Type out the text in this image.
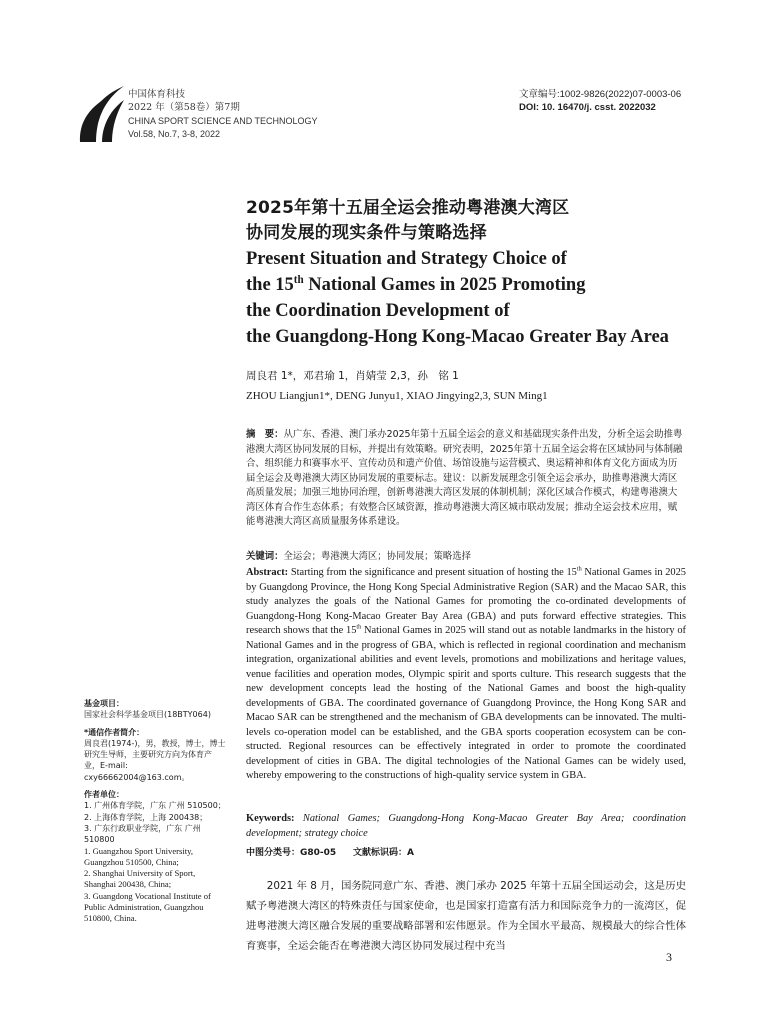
中国体育科技
2022 年（第58卷）第7期
CHINA SPORT SCIENCE AND TECHNOLOGY
Vol.58, No.7, 3-8, 2022
文章编号:1002-9826(2022)07-0003-06
DOI: 10. 16470/j. csst. 2022032
2025年第十五届全运会推动粤港澳大湾区
协同发展的现实条件与策略选择
Present Situation and Strategy Choice of
the 15th National Games in 2025 Promoting
the Coordination Development of
the Guangdong-Hong Kong-Macao Greater Bay Area
周良君 1*，邓君瑜 1，肖婧莹 2,3，孙　铭 1
ZHOU Liangjun1*, DENG Junyu1, XIAO Jingying2,3, SUN Ming1
摘　要：从广东、香港、澳门承办2025年第十五届全运会的意义和基础现实条件出发，分析全运会助推粤港澳大湾区协同发展的目标，并提出有效策略。研究表明，2025年第十五届全运会将在区域协同与体制融合、组织能力和赛事水平、宣传动员和遗产价值、场馆设施与运营模式、奥运精神和体育文化方面成为历届全运会及粤港澳大湾区协同发展的重要标志。建议：以新发展理念引领全运会承办，助推粤港澳大湾区高质量发展；加强三地协同治理，创新粤港澳大湾区发展的体制机制；深化区域合作模式，构建粤港澳大湾区体育合作生态体系；有效整合区域资源，推动粤港澳大湾区城市联动发展；推动全运会技术应用，赋能粤港澳大湾区高质量服务体系建设。
关键词：全运会；粤港澳大湾区；协同发展；策略选择
Abstract: Starting from the significance and present situation of hosting the 15th National Games in 2025 by Guangdong Province, the Hong Kong Special Administrative Region (SAR) and the Macao SAR, this study analyzes the goals of the National Games for promoting the co-ordinated developments of Guangdong-Hong Kong-Macao Greater Bay Area (GBA) and puts forward effective strategies. This research shows that the 15th National Games in 2025 will stand out as notable landmarks in the history of National Games and in the progress of GBA, which is reflected in regional coordination and mechanism integration, organizational abilities and event levels, promotions and mobilizations and heritage values, venue facilities and operation modes, Olympic spirit and sports culture. This research suggests that the new development concepts lead the hosting of the National Games and boost the high-quality developments of GBA. The coordinated governance of Guangdong Province, the Hong Kong SAR and Macao SAR can be strengthened and the mechanism of GBA developments can be innovated. The multi-levels co-operation model can be established, and the GBA sports cooperation ecosystem can be con-structed. Regional resources can be effectively integrated in order to promote the coordinated development of cities in GBA. The digital technologies of the National Games can be widely used, whereby empowering to the constructions of high-quality service system in GBA.
Keywords: National Games; Guangdong-Hong Kong-Macao Greater Bay Area; coordination development; strategy choice
中图分类号：G80-05 文献标识码：A
基金项目：
国家社会科学基金项目(18BTY064)
*通信作者简介：
周良君(1974-)，男，教授，博士，博士研究生导师，主要研究方向为体育产业，E-mail: cxy66662004@163.com。
作者单位：
1. 广州体育学院，广东 广州 510500；
2. 上海体育学院，上海 200438；
3. 广东行政职业学院，广东 广州 510800
1. Guangzhou Sport University, Guangzhou 510500, China;
2. Shanghai University of Sport, Shanghai 200438, China;
3. Guangdong Vocational Institute of Public Administration, Guangzhou 510800, China.
2021 年 8 月，国务院同意广东、香港、澳门承办 2025 年第十五届全国运动会，这是历史赋予粤港澳大湾区的特殊责任与国家使命，也是国家打造富有活力和国际竞争力的一流湾区，促进粤港澳大湾区融合发展的重要战略部署和宏伟愿景。作为全国水平最高、规模最大的综合性体育赛事，全运会能否在粤港澳大湾区协同发展过程中充当
3
